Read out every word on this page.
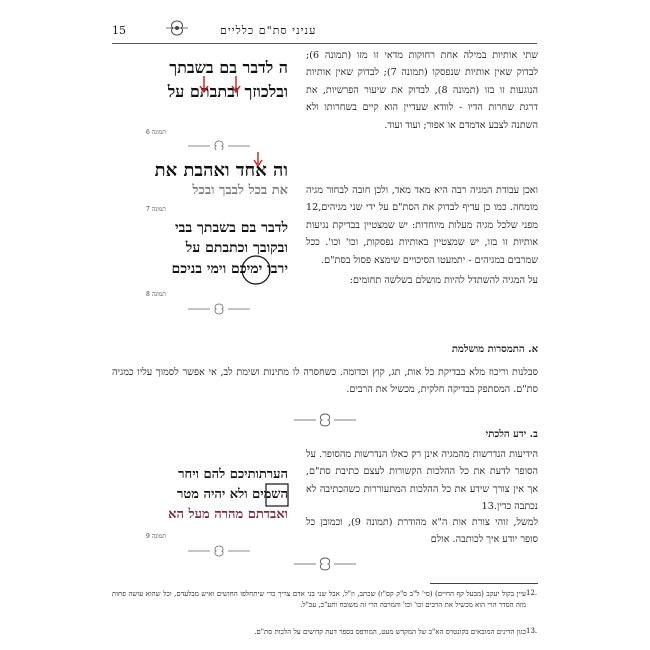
עניני סת"ם כלליים
15

שתי אותיות במילה אחת רחוקות מדאי זו מזו (תמונה 6); לבדוק שאין אותיות שנפסקו (תמונה 7); לבדוק שאין אותיות הנוגעות זו בזו (תמונה 8), לבדוק את שיעור הפרשיות, את דרגת שחרות הדיו - לוודא שעדיין הוא קיים בשחרותו ולא השתנה לצבע אדמדם או אפור; ועוד ועוד.

ואכן עבודת המגיה רבה היא מאד מאד, ולכן חובה לבחור מגיה מומחה. כמו כן עדיף לבדוק את הסת"ם על ידי שני מגיהים,12 מפני שלכל מגיה מעלות מיוחדות: יש שמצטיין בבדיקת נגיעות אותיות זו בזו, יש שמצטיין באותיות נפסקות, וכו' וכו'. ככל שמרבים במגיהים - יתמעטו הסיכויים שימצא פסול בסת"ם.

על המגיה להשתדל להיות מושלם בשלשה תחומים:

א. התמסרות מושלמת

סבלנות וריכוז מלא בבדיקת כל אות, תג, קוץ וכדומה. כשחסרה לו מתינות ושימת לב, אי אפשר לסמוך עליו כמגיה סת"ם. המסתפק בבדיקה חלקית, מכשיל את הרבים.

ב. ידע הלכתי

הידיעות הנדרשות מהמגיה אינן רק כאלו הנדרשות מהסופר. על הסופר לדעת את כל ההלכות הקשורות לעצם כתיבת סת"ם, אך אין צורך שידע את כל ההלכות המתעוררות כשהכתיבה לא נכתבה כדין.13

למשל, זוהי צורת אות ה"א מהודרת (תמונה 9), וכמובן כל סופר יודע איך לכותבה. אולם

ה לדבר בם בשבתך
ובלכוזך ובתבתם על
תמונה 6
וה אחד ואהבת את
את בכל לבבך ובכל
תמונה 7
לדבר בם בשבתך בבי
ובקובך וכתבתם על
ירבו ימיכם וימי בניכם
תמונה 8
הערתותיכם להם ויחר
השמים ולא יהיה מטר
ואבדתם מהרה מעל הא
תמונה 9
12.

עיין בקול יעקב (מבעל קף החיים) (סי' ל"ב ס"ק קס"ז) שכתב, וז"ל, אבל שני בני אדם צריך כדי שיתחלפו החושים ואיש מבלעדם, וכל שהוא עושה פחות מזה הסדר הרי הוא מכשיל את הרבים וכו' וכו' והמרבה הרי זה משובח ותע"כ, עכ"ל.

13.

כגון הדינים המובאים בקונטרס הא"ב של המקדש מעט, המודפס בספר דעת קדושים על הלכות סת"ם.
